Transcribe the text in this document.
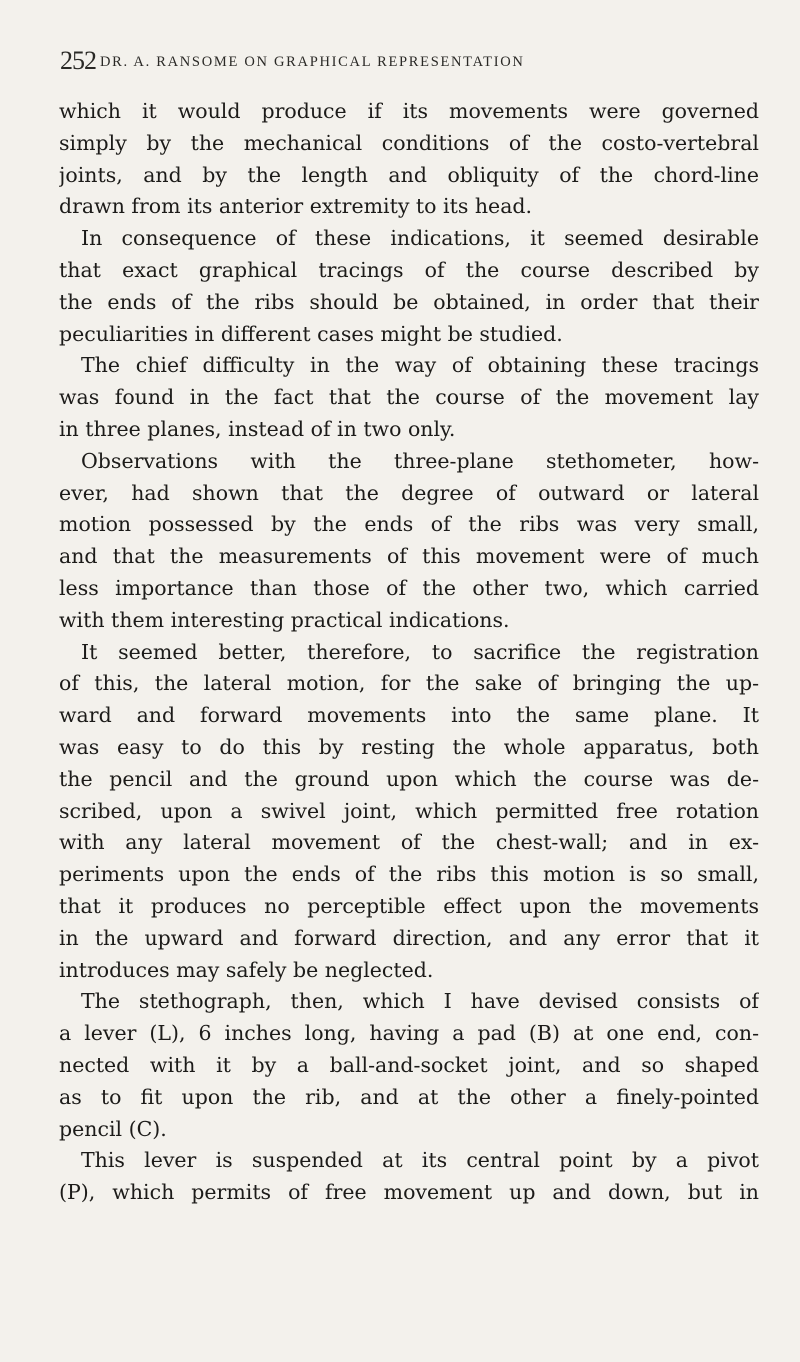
252 DR. A. RANSOME ON GRAPHICAL REPRESENTATION
which it would produce if its movements were governed
simply by the mechanical conditions of the costo-vertebral
joints, and by the length and obliquity of the chord-line
drawn from its anterior extremity to its head.
In consequence of these indications, it seemed desirable
that exact graphical tracings of the course described by
the ends of the ribs should be obtained, in order that their
peculiarities in different cases might be studied.
The chief difficulty in the way of obtaining these tracings
was found in the fact that the course of the movement lay
in three planes, instead of in two only.
Observations with the three-plane stethometer, how-
ever, had shown that the degree of outward or lateral
motion possessed by the ends of the ribs was very small,
and that the measurements of this movement were of much
less importance than those of the other two, which carried
with them interesting practical indications.
It seemed better, therefore, to sacrifice the registration
of this, the lateral motion, for the sake of bringing the up-
ward and forward movements into the same plane. It
was easy to do this by resting the whole apparatus, both
the pencil and the ground upon which the course was de-
scribed, upon a swivel joint, which permitted free rotation
with any lateral movement of the chest-wall; and in ex-
periments upon the ends of the ribs this motion is so small,
that it produces no perceptible effect upon the movements
in the upward and forward direction, and any error that it
introduces may safely be neglected.
The stethograph, then, which I have devised consists of
a lever (L), 6 inches long, having a pad (B) at one end, con-
nected with it by a ball-and-socket joint, and so shaped
as to fit upon the rib, and at the other a finely-pointed
pencil (C).
This lever is suspended at its central point by a pivot
(P), which permits of free movement up and down, but in
